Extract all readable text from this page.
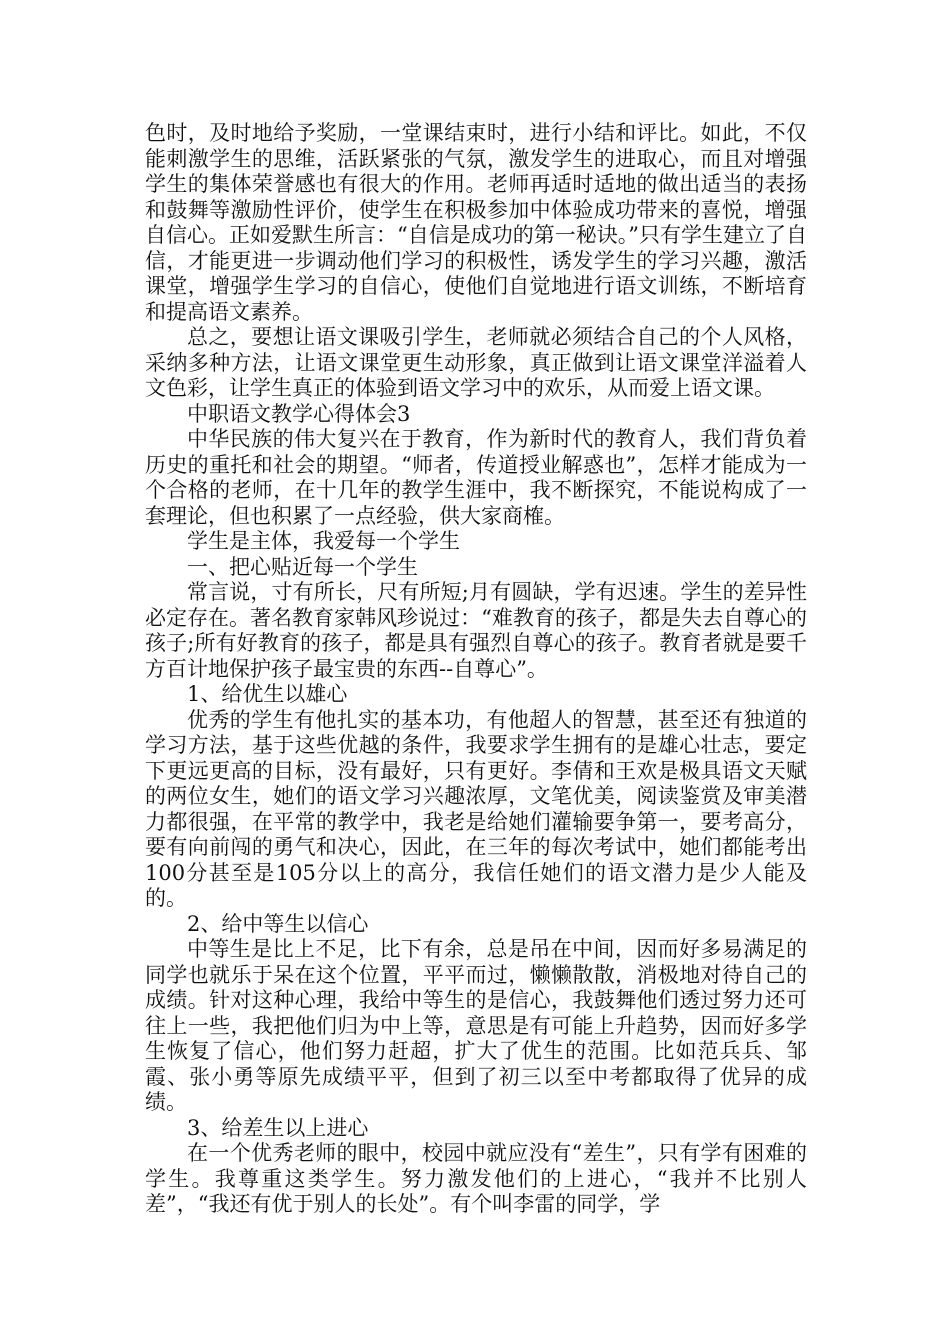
色时，及时地给予奖励，一堂课结束时，进行小结和评比。如此，不仅能刺激学生的思维，活跃紧张的气氛，激发学生的进取心，而且对增强学生的集体荣誉感也有很大的作用。老师再适时适地的做出适当的表扬和鼓舞等激励性评价，使学生在积极参加中体验成功带来的喜悦，增强自信心。正如爱默生所言：“自信是成功的第一秘诀。”只有学生建立了自信，才能更进一步调动他们学习的积极性，诱发学生的学习兴趣，激活课堂，增强学生学习的自信心，使他们自觉地进行语文训练，不断培育和提高语文素养。

总之，要想让语文课吸引学生，老师就必须结合自己的个人风格，采纳多种方法，让语文课堂更生动形象，真正做到让语文课堂洋溢着人文色彩，让学生真正的体验到语文学习中的欢乐，从而爱上语文课。

中职语文教学心得体会3

中华民族的伟大复兴在于教育，作为新时代的教育人，我们背负着历史的重托和社会的期望。“师者，传道授业解惑也”，怎样才能成为一个合格的老师，在十几年的教学生涯中，我不断探究，不能说构成了一套理论，但也积累了一点经验，供大家商榷。

学生是主体，我爱每一个学生

一、把心贴近每一个学生

常言说，寸有所长，尺有所短;月有圆缺，学有迟速。学生的差异性必定存在。著名教育家韩风珍说过：“难教育的孩子，都是失去自尊心的孩子;所有好教育的孩子，都是具有强烈自尊心的孩子。教育者就是要千方百计地保护孩子最宝贵的东西--自尊心”。

1、给优生以雄心

优秀的学生有他扎实的基本功，有他超人的智慧，甚至还有独道的学习方法，基于这些优越的条件，我要求学生拥有的是雄心壮志，要定下更远更高的目标，没有最好，只有更好。李倩和王欢是极具语文天赋的两位女生，她们的语文学习兴趣浓厚，文笔优美，阅读鉴赏及审美潜力都很强，在平常的教学中，我老是给她们灌输要争第一，要考高分，要有向前闯的勇气和决心，因此，在三年的每次考试中，她们都能考出100分甚至是105分以上的高分，我信任她们的语文潜力是少人能及的。

2、给中等生以信心

中等生是比上不足，比下有余，总是吊在中间，因而好多易满足的同学也就乐于呆在这个位置，平平而过，懒懒散散，消极地对待自己的成绩。针对这种心理，我给中等生的是信心，我鼓舞他们透过努力还可往上一些，我把他们归为中上等，意思是有可能上升趋势，因而好多学生恢复了信心，他们努力赶超，扩大了优生的范围。比如范兵兵、邹霞、张小勇等原先成绩平平，但到了初三以至中考都取得了优异的成绩。

3、给差生以上进心

在一个优秀老师的眼中，校园中就应没有“差生”，只有学有困难的学生。我尊重这类学生。努力激发他们的上进心，“我并不比别人差”，“我还有优于别人的长处”。有个叫李雷的同学，学
